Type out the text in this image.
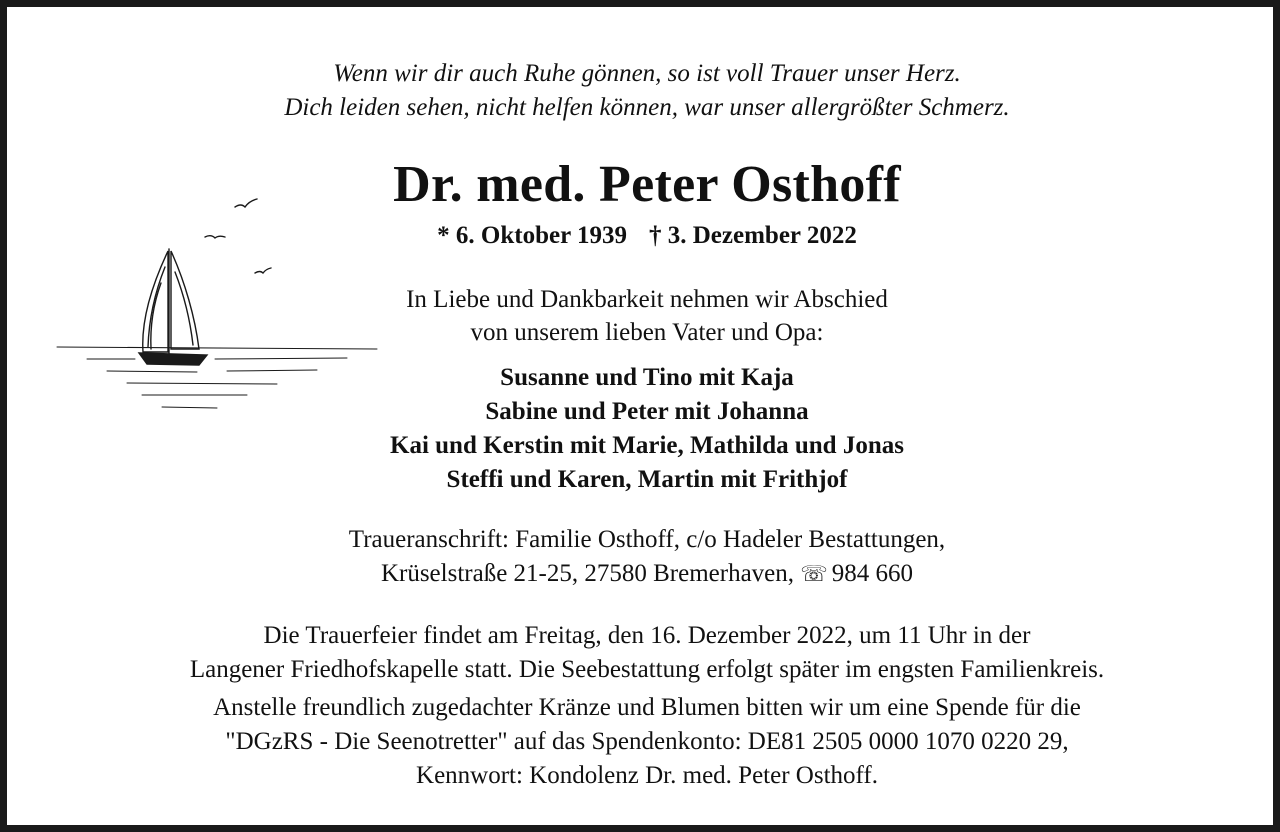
Wenn wir dir auch Ruhe gönnen, so ist voll Trauer unser Herz.
Dich leiden sehen, nicht helfen können, war unser allergrößter Schmerz.
Dr. med. Peter Osthoff
* 6. Oktober 1939 † 3. Dezember 2022
In Liebe und Dankbarkeit nehmen wir Abschied
von unserem lieben Vater und Opa:
Susanne und Tino mit Kaja
Sabine und Peter mit Johanna
Kai und Kerstin mit Marie, Mathilda und Jonas
Steffi und Karen, Martin mit Frithjof
Traueranschrift: Familie Osthoff, c/o Hadeler Bestattungen,
Krüselstraße 21-25, 27580 Bremerhaven, ☏ 984 660
Die Trauerfeier findet am Freitag, den 16. Dezember 2022, um 11 Uhr in der
Langener Friedhofskapelle statt. Die Seebestattung erfolgt später im engsten Familienkreis.
Anstelle freundlich zugedachter Kränze und Blumen bitten wir um eine Spende für die
"DGzRS - Die Seenotretter" auf das Spendenkonto: DE81 2505 0000 1070 0220 29,
Kennwort: Kondolenz Dr. med. Peter Osthoff.
